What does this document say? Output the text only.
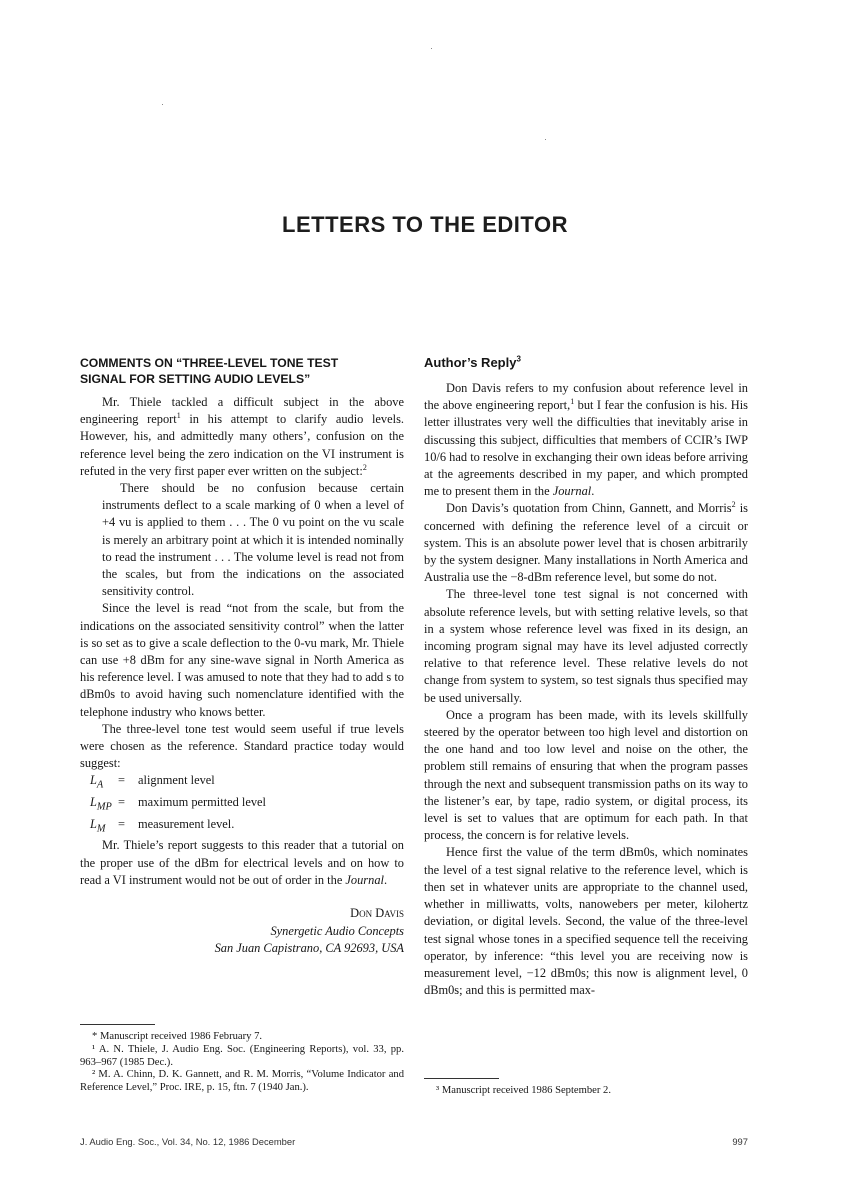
LETTERS TO THE EDITOR
COMMENTS ON “THREE-LEVEL TONE TEST
SIGNAL FOR SETTING AUDIO LEVELS”

Mr. Thiele tackled a difficult subject in the above engineering report$^1$ in his attempt to clarify audio levels. However, his, and admittedly many others’, confusion on the reference level being the zero indication on the VI instrument is refuted in the very first paper ever written on the subject:$^2$

There should be no confusion because certain instruments deflect to a scale marking of 0 when a level of +4 vu is applied to them . . . The 0 vu point on the vu scale is merely an arbitrary point at which it is intended nominally to read the instrument . . . The volume level is read not from the scales, but from the indications on the associated sensitivity control.

Since the level is read “not from the scale, but from the indications on the associated sensitivity control” when the latter is so set as to give a scale deflection to the 0-vu mark, Mr. Thiele can use +8 dBm for any sine-wave signal in North America as his reference level. I was amused to note that they had to add s to dBm0s to avoid having such nomenclature identified with the telephone industry who knows better.

The three-level tone test would seem useful if true levels were chosen as the reference. Standard practice today would suggest:

$L_A$ = alignment level
$L_{MP}$ = maximum permitted level
$L_M$ = measurement level.

Mr. Thiele’s report suggests to this reader that a tutorial on the proper use of the dBm for electrical levels and on how to read a VI instrument would not be out of order in the Journal.

Don Davis
Synergetic Audio Concepts
San Juan Capistrano, CA 92693, USA

* Manuscript received 1986 February 7.

¹ A. N. Thiele, J. Audio Eng. Soc. (Engineering Reports), vol. 33, pp. 963–967 (1985 Dec.).

² M. A. Chinn, D. K. Gannett, and R. M. Morris, “Volume Indicator and Reference Level,” Proc. IRE, p. 15, ftn. 7 (1940 Jan.).

Author’s Reply$^3$

Don Davis refers to my confusion about reference level in the above engineering report,$^1$ but I fear the confusion is his. His letter illustrates very well the difficulties that inevitably arise in discussing this subject, difficulties that members of CCIR’s IWP 10/6 had to resolve in exchanging their own ideas before arriving at the agreements described in my paper, and which prompted me to present them in the Journal.

Don Davis’s quotation from Chinn, Gannett, and Morris$^2$ is concerned with defining the reference level of a circuit or system. This is an absolute power level that is chosen arbitrarily by the system designer. Many installations in North America and Australia use the −8-dBm reference level, but some do not.

The three-level tone test signal is not concerned with absolute reference levels, but with setting relative levels, so that in a system whose reference level was fixed in its design, an incoming program signal may have its level adjusted correctly relative to that reference level. These relative levels do not change from system to system, so test signals thus specified may be used universally.

Once a program has been made, with its levels skillfully steered by the operator between too high level and distortion on the one hand and too low level and noise on the other, the problem still remains of ensuring that when the program passes through the next and subsequent transmission paths on its way to the listener’s ear, by tape, radio system, or digital process, its level is set to values that are optimum for each path. In that process, the concern is for relative levels.

Hence first the value of the term dBm0s, which nominates the level of a test signal relative to the reference level, which is then set in whatever units are appropriate to the channel used, whether in milliwatts, volts, nanowebers per meter, kilohertz deviation, or digital levels. Second, the value of the three-level test signal whose tones in a specified sequence tell the receiving operator, by inference: “this level you are receiving now is measurement level, −12 dBm0s; this now is alignment level, 0 dBm0s; and this is permitted max-

³ Manuscript received 1986 September 2.

J. Audio Eng. Soc., Vol. 34, No. 12, 1986 December	997
